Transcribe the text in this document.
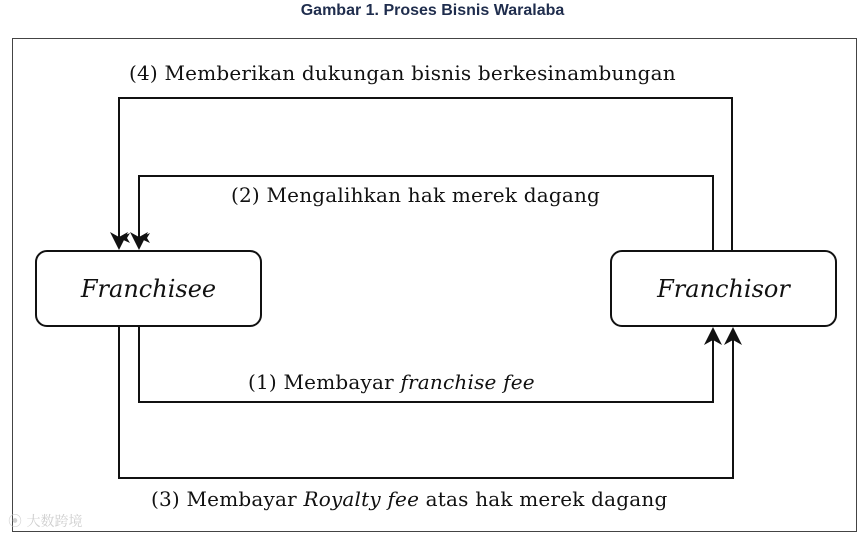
Gambar 1. Proses Bisnis Waralaba
Franchisee	Franchisor
(4) Memberikan dukungan bisnis berkesinambungan
(2) Mengalihkan hak merek dagang
(1) Membayar franchise fee
(3) Membayar Royalty fee atas hak merek dagang
⦿ 大数跨境
